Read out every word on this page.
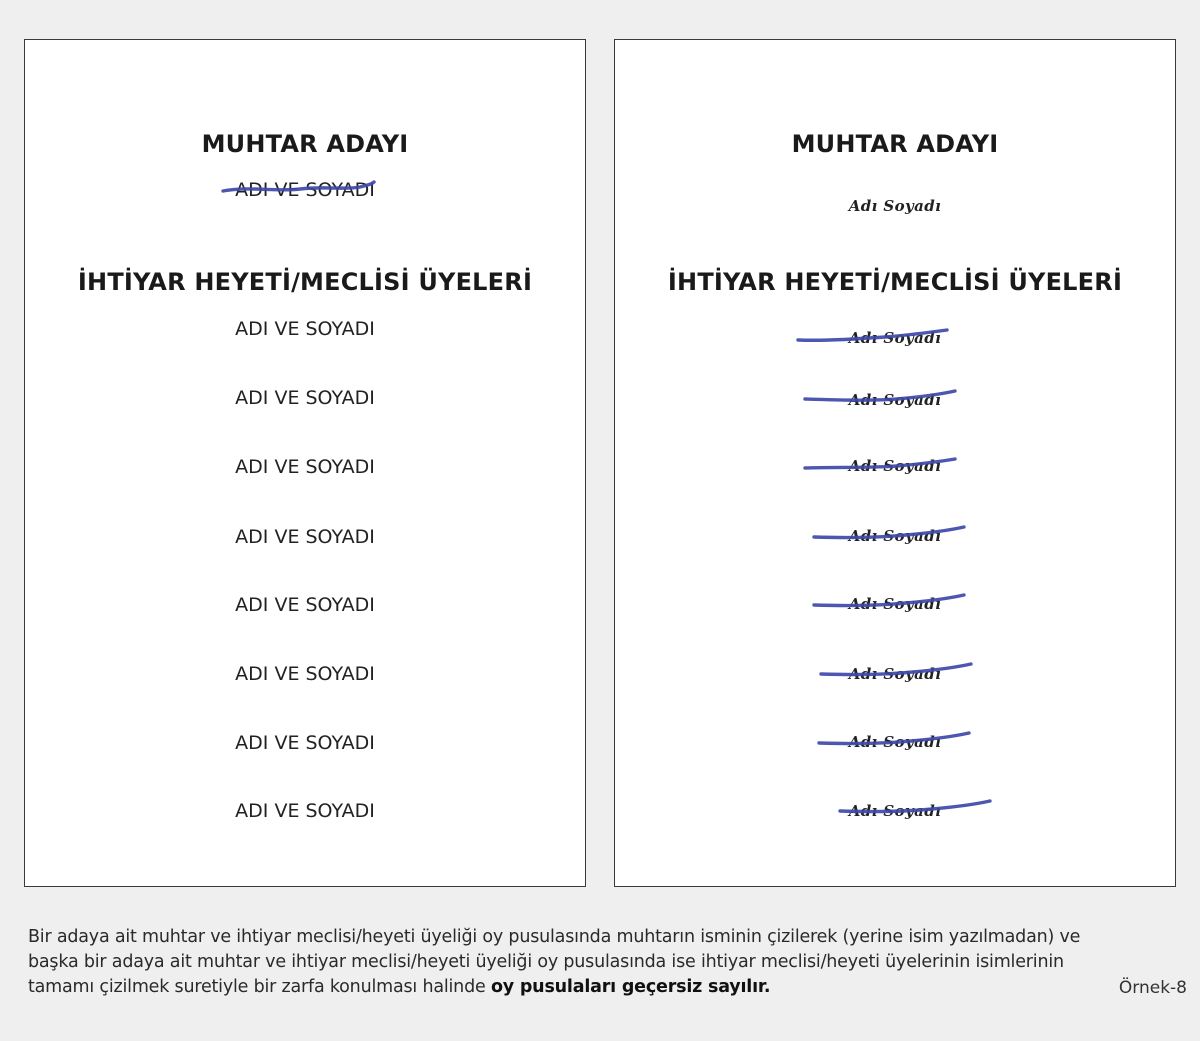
MUHTAR ADAYI

ADI VE SOYADI

İHTİYAR HEYETİ/MECLİSİ ÜYELERİ

ADI VE SOYADI

ADI VE SOYADI

ADI VE SOYADI

ADI VE SOYADI

ADI VE SOYADI

ADI VE SOYADI

ADI VE SOYADI

ADI VE SOYADI

MUHTAR ADAYI

Adı Soyadı

İHTİYAR HEYETİ/MECLİSİ ÜYELERİ

Adı Soyadı

Adı Soyadı

Adı Soyadı

Adı Soyadı

Adı Soyadı

Adı Soyadı

Adı Soyadı

Adı Soyadı

Bir adaya ait muhtar ve ihtiyar meclisi/heyeti üyeliği oy pusulasında muhtarın isminin çizilerek (yerine isim yazılmadan) ve
başka bir adaya ait muhtar ve ihtiyar meclisi/heyeti üyeliği oy pusulasında ise ihtiyar meclisi/heyeti üyelerinin isimlerinin
tamamı çizilmek suretiyle bir zarfa konulması halinde oy pusulaları geçersiz sayılır.	Örnek-8
